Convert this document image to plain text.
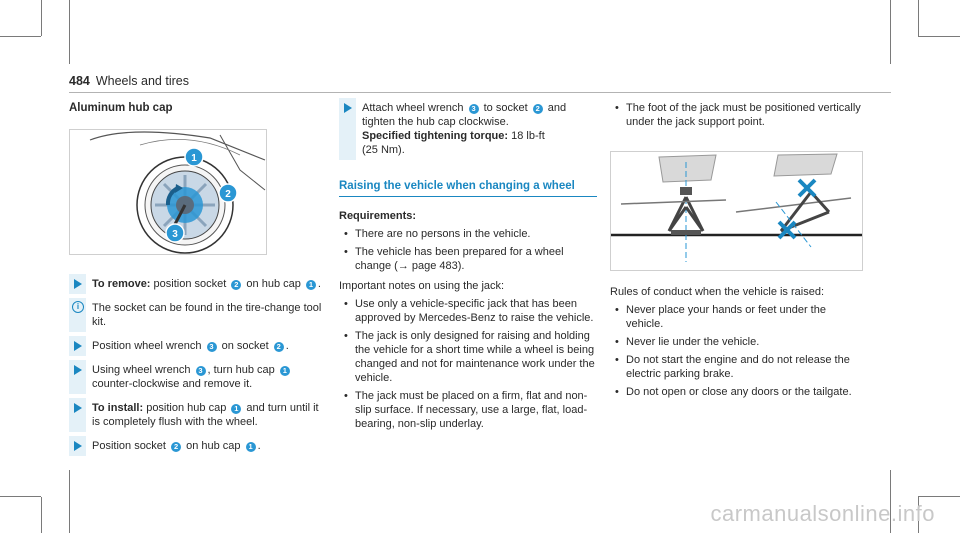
484 Wheels and tires
Aluminum hub cap
1
2
3
To remove: position socket 2 on hub cap 1 .
i	The socket can be found in the tire-change tool kit.
Position wheel wrench 3 on socket 2 .
Using wheel wrench 3 , turn hub cap 1 counter-clockwise and remove it.
To install: position hub cap 1 and turn until it is completely flush with the wheel.
Position socket 2 on hub cap 1 .
Attach wheel wrench 3 to socket 2 and tighten the hub cap clockwise.
Specified tightening torque: 18 lb-ft
(25 Nm).
Raising the vehicle when changing a wheel
Requirements:
• There are no persons in the vehicle.
• The vehicle has been prepared for a wheel change (→ page 483).
Important notes on using the jack:
• Use only a vehicle-specific jack that has been approved by Mercedes-Benz to raise the vehicle.
• The jack is only designed for raising and holding the vehicle for a short time while a wheel is being changed and not for maintenance work under the vehicle.
• The jack must be placed on a firm, flat and non-slip surface. If necessary, use a large, flat, load-bearing, non-slip underlay.
• The foot of the jack must be positioned vertically under the jack support point.
Rules of conduct when the vehicle is raised:
• Never place your hands or feet under the vehicle.
• Never lie under the vehicle.
• Do not start the engine and do not release the electric parking brake.
• Do not open or close any doors or the tailgate.
carmanualsonline.info
